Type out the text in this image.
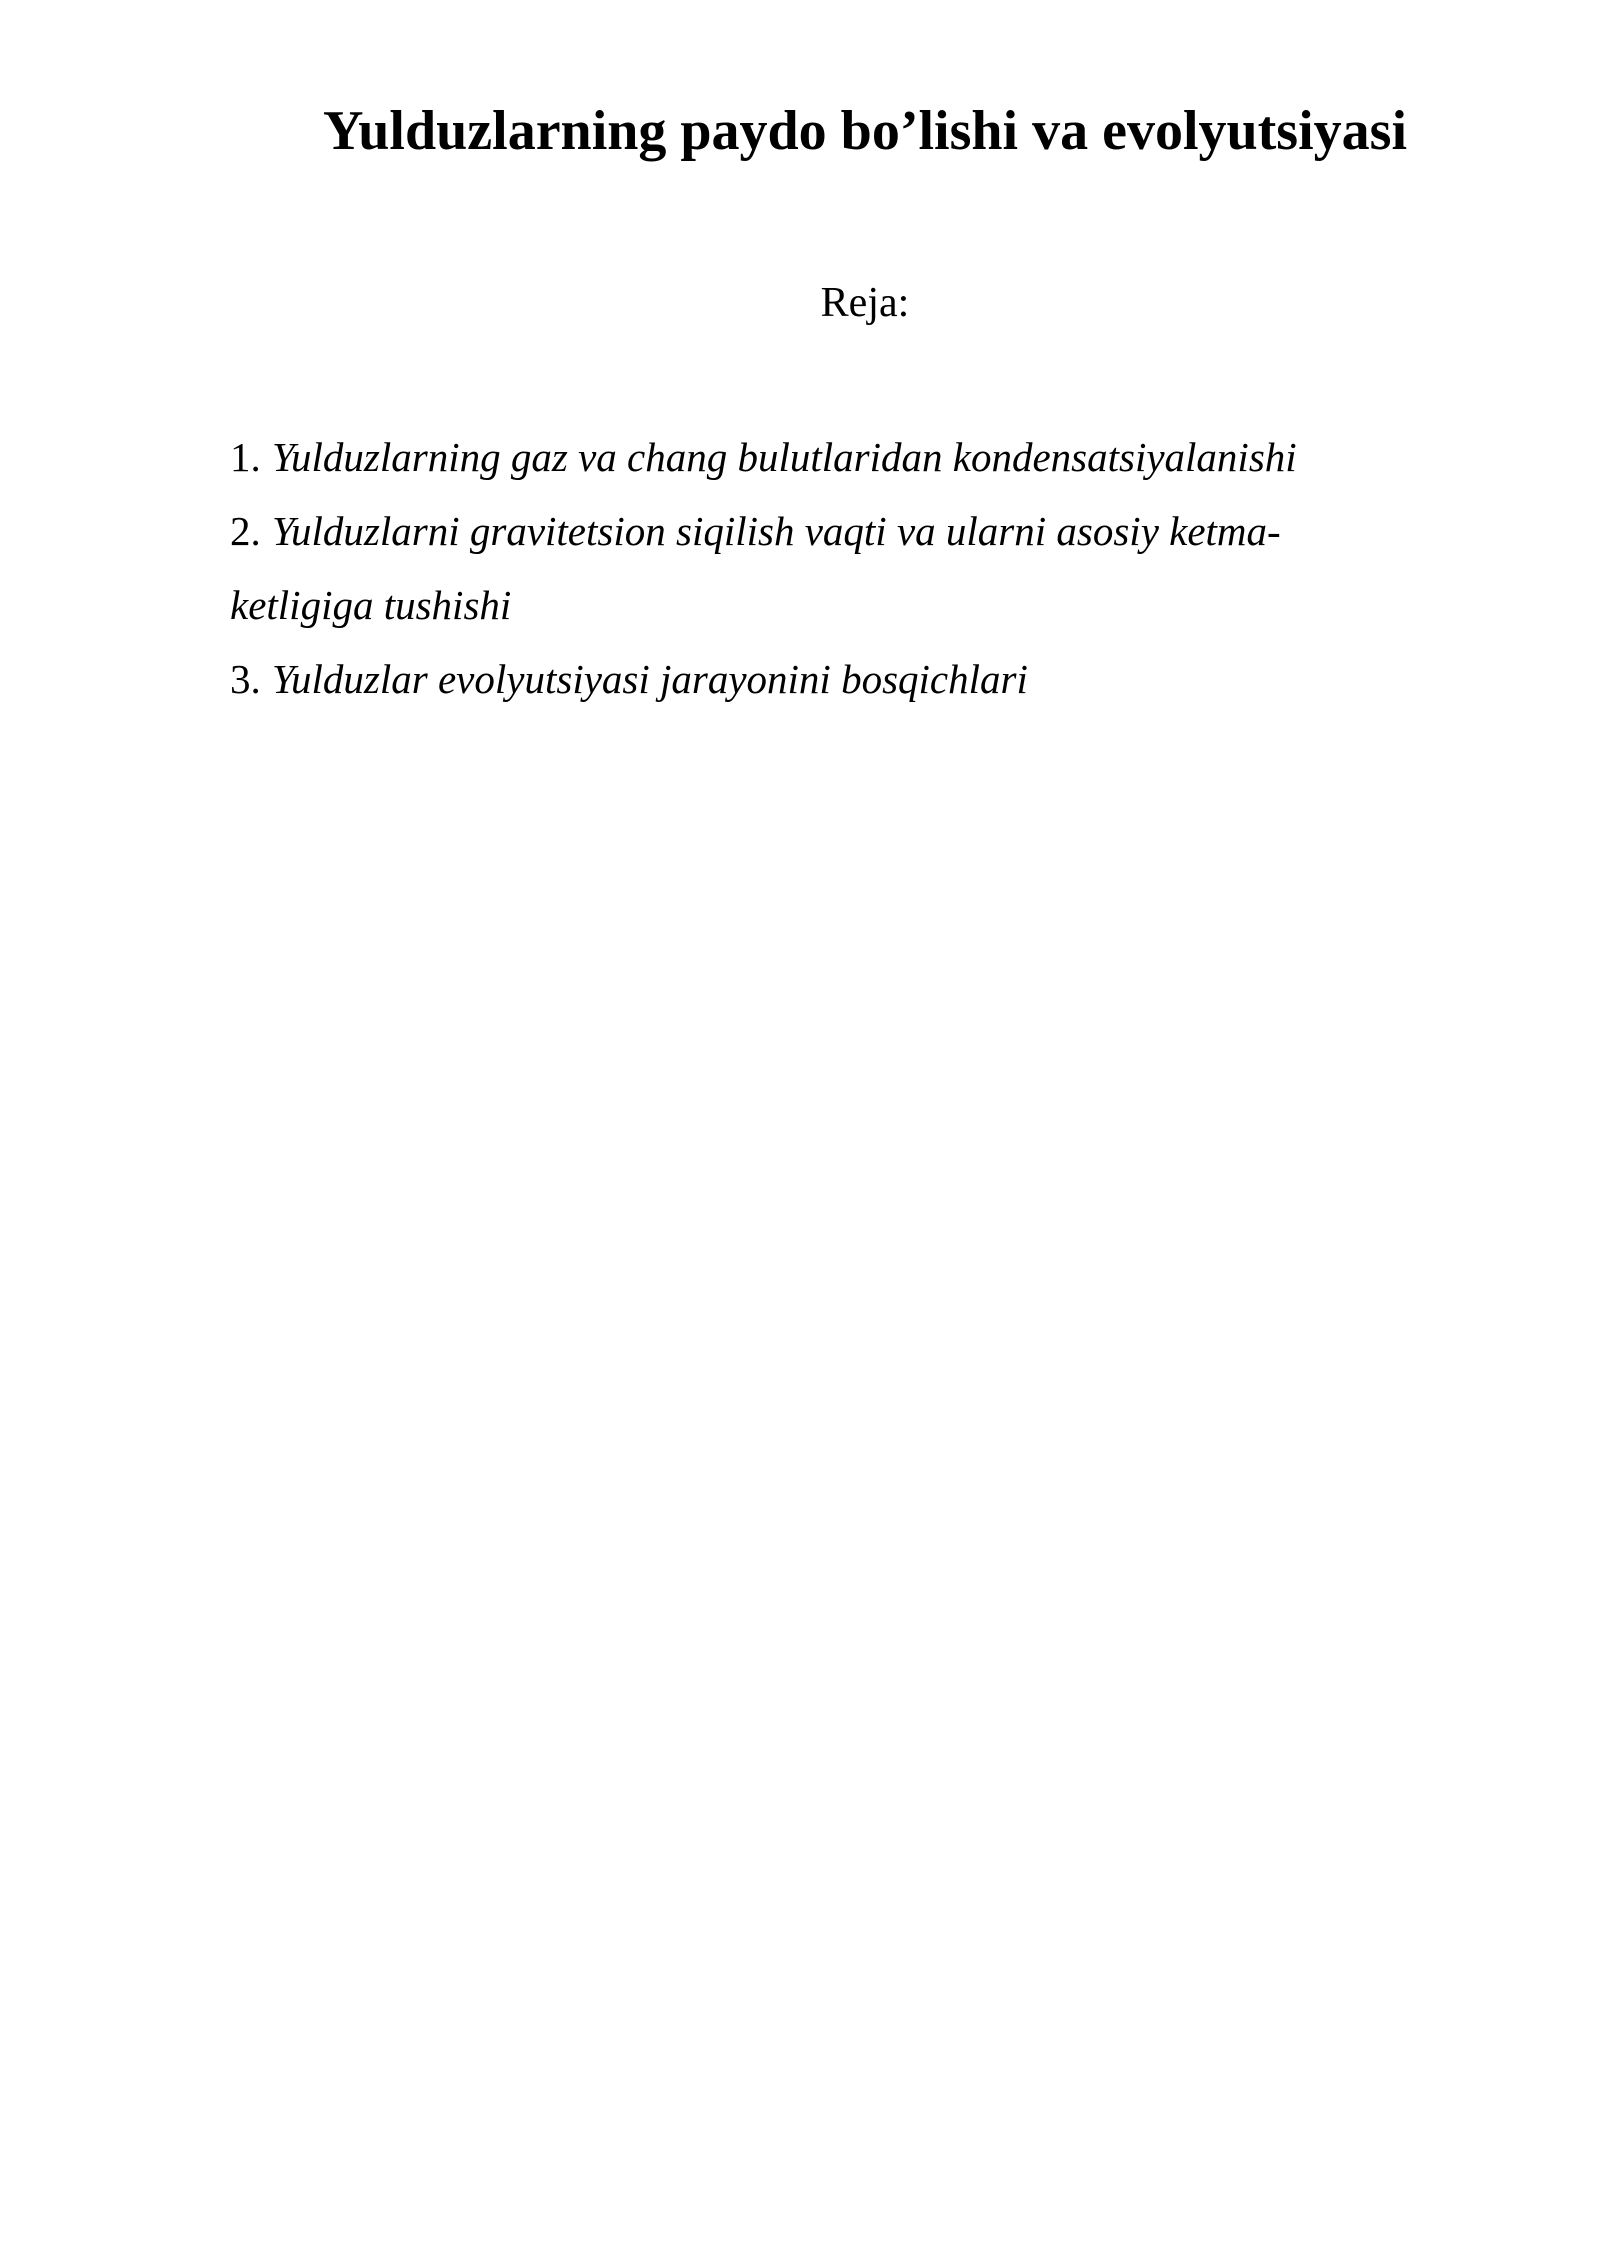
Yulduzlarning paydo bo’lishi va evolyutsiyasi

Reja:

1. Yulduzlarning gaz va chang bulutlaridan kondensatsiyalanishi
2. Yulduzlarni gravitetsion siqilish vaqti va ularni asosiy ketma-ketligiga tushishi
3. Yulduzlar evolyutsiyasi jarayonini bosqichlari
